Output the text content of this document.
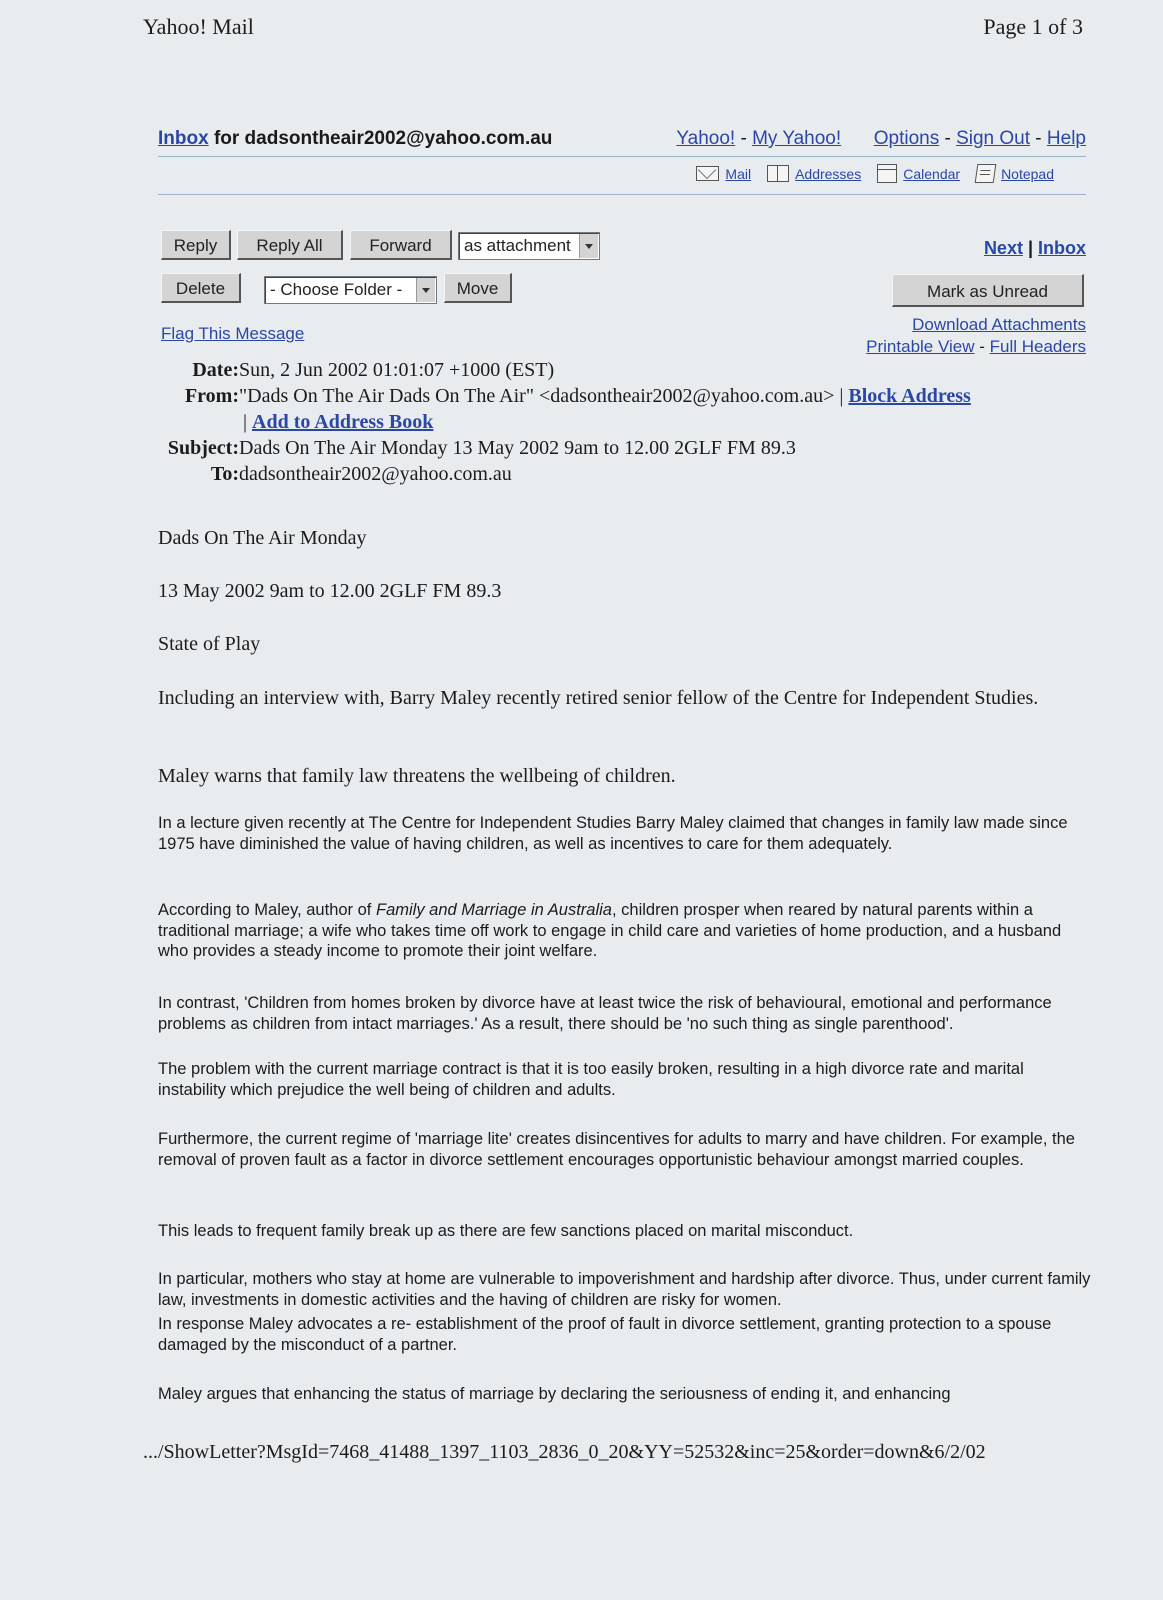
Yahoo! Mail	Page 1 of 3
Inbox for dadsontheair2002@yahoo.com.au	Yahoo! - My Yahoo! Options - Sign Out - Help
Mail	Addresses	Calendar	Notepad
Reply	Reply All	Forward	as attachment	Next | Inbox
Delete	- Choose Folder -	Move	Mark as Unread
Flag This Message	Download Attachments
Printable View - Full Headers
Date:Sun, 2 Jun 2002 01:01:07 +1000 (EST)
From:"Dads On The Air Dads On The Air" <dadsontheair2002@yahoo.com.au> | Block Address
| Add to Address Book
Subject:Dads On The Air Monday 13 May 2002 9am to 12.00 2GLF FM 89.3
To:dadsontheair2002@yahoo.com.au
Dads On The Air Monday
13 May 2002 9am to 12.00 2GLF FM 89.3
State of Play
Including an interview with, Barry Maley recently retired senior fellow of the Centre for Independent Studies.
Maley warns that family law threatens the wellbeing of children.
In a lecture given recently at The Centre for Independent Studies Barry Maley claimed that changes in family law made since 1975 have diminished the value of having children, as well as incentives to care for them adequately.
According to Maley, author of Family and Marriage in Australia, children prosper when reared by natural parents within a traditional marriage; a wife who takes time off work to engage in child care and varieties of home production, and a husband who provides a steady income to promote their joint welfare.
In contrast, 'Children from homes broken by divorce have at least twice the risk of behavioural, emotional and performance problems as children from intact marriages.' As a result, there should be 'no such thing as single parenthood'.
The problem with the current marriage contract is that it is too easily broken, resulting in a high divorce rate and marital instability which prejudice the well being of children and adults.
Furthermore, the current regime of 'marriage lite' creates disincentives for adults to marry and have children. For example, the removal of proven fault as a factor in divorce settlement encourages opportunistic behaviour amongst married couples.
This leads to frequent family break up as there are few sanctions placed on marital misconduct.
In particular, mothers who stay at home are vulnerable to impoverishment and hardship after divorce. Thus, under current family law, investments in domestic activities and the having of children are risky for women.
In response Maley advocates a re- establishment of the proof of fault in divorce settlement, granting protection to a spouse damaged by the misconduct of a partner.
Maley argues that enhancing the status of marriage by declaring the seriousness of ending it, and enhancing
.../ShowLetter?MsgId=7468_41488_1397_1103_2836_0_20&YY=52532&inc=25&order=down&6/2/02
